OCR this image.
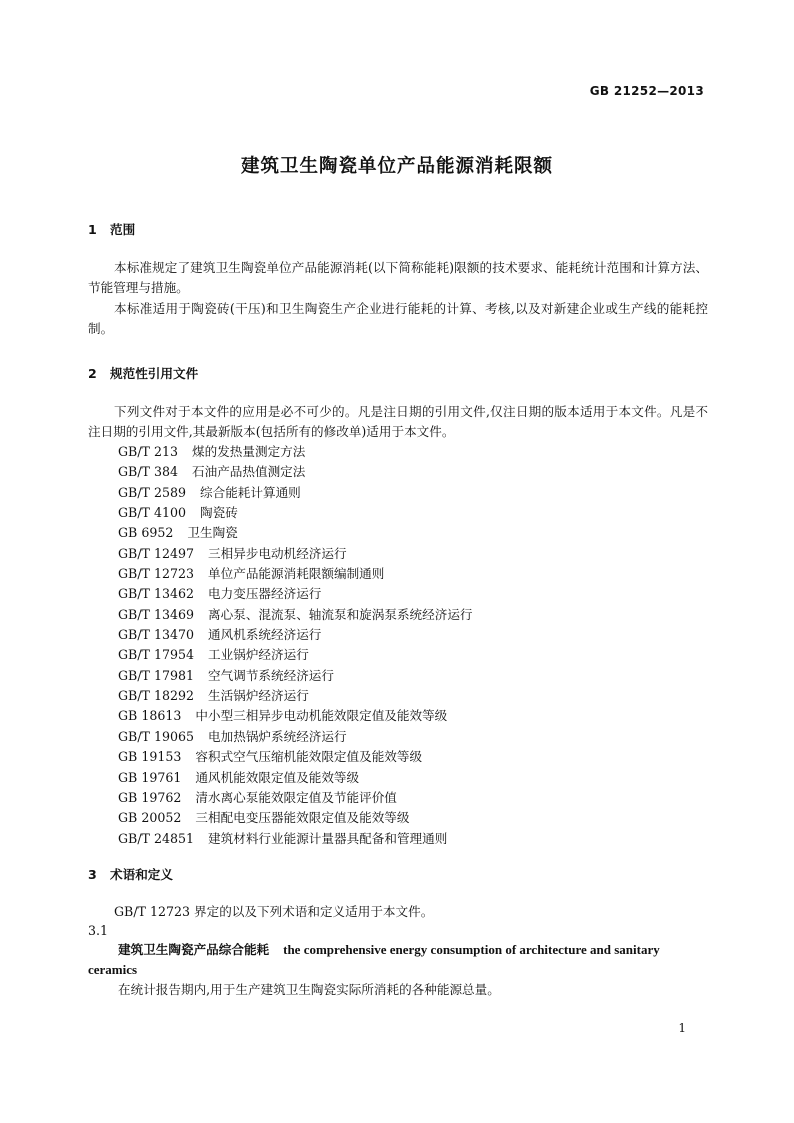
GB 21252—2013
建筑卫生陶瓷单位产品能源消耗限额
1 范围

本标准规定了建筑卫生陶瓷单位产品能源消耗(以下简称能耗)限额的技术要求、能耗统计范围和计算方法、节能管理与措施。

本标准适用于陶瓷砖(干压)和卫生陶瓷生产企业进行能耗的计算、考核,以及对新建企业或生产线的能耗控制。

2 规范性引用文件

下列文件对于本文件的应用是必不可少的。凡是注日期的引用文件,仅注日期的版本适用于本文件。凡是不注日期的引用文件,其最新版本(包括所有的修改单)适用于本文件。

GB/T 213 煤的发热量测定方法
GB/T 384 石油产品热值测定法
GB/T 2589 综合能耗计算通则
GB/T 4100 陶瓷砖
GB 6952 卫生陶瓷
GB/T 12497 三相异步电动机经济运行
GB/T 12723 单位产品能源消耗限额编制通则
GB/T 13462 电力变压器经济运行
GB/T 13469 离心泵、混流泵、轴流泵和旋涡泵系统经济运行
GB/T 13470 通风机系统经济运行
GB/T 17954 工业锅炉经济运行
GB/T 17981 空气调节系统经济运行
GB/T 18292 生活锅炉经济运行
GB 18613 中小型三相异步电动机能效限定值及能效等级
GB/T 19065 电加热锅炉系统经济运行
GB 19153 容积式空气压缩机能效限定值及能效等级
GB 19761 通风机能效限定值及能效等级
GB 19762 清水离心泵能效限定值及节能评价值
GB 20052 三相配电变压器能效限定值及能效等级
GB/T 24851 建筑材料行业能源计量器具配备和管理通则
3 术语和定义

GB/T 12723 界定的以及下列术语和定义适用于本文件。

3.1
建筑卫生陶瓷产品综合能耗 the comprehensive energy consumption of architecture and sanitary ceramics

在统计报告期内,用于生产建筑卫生陶瓷实际所消耗的各种能源总量。

1
